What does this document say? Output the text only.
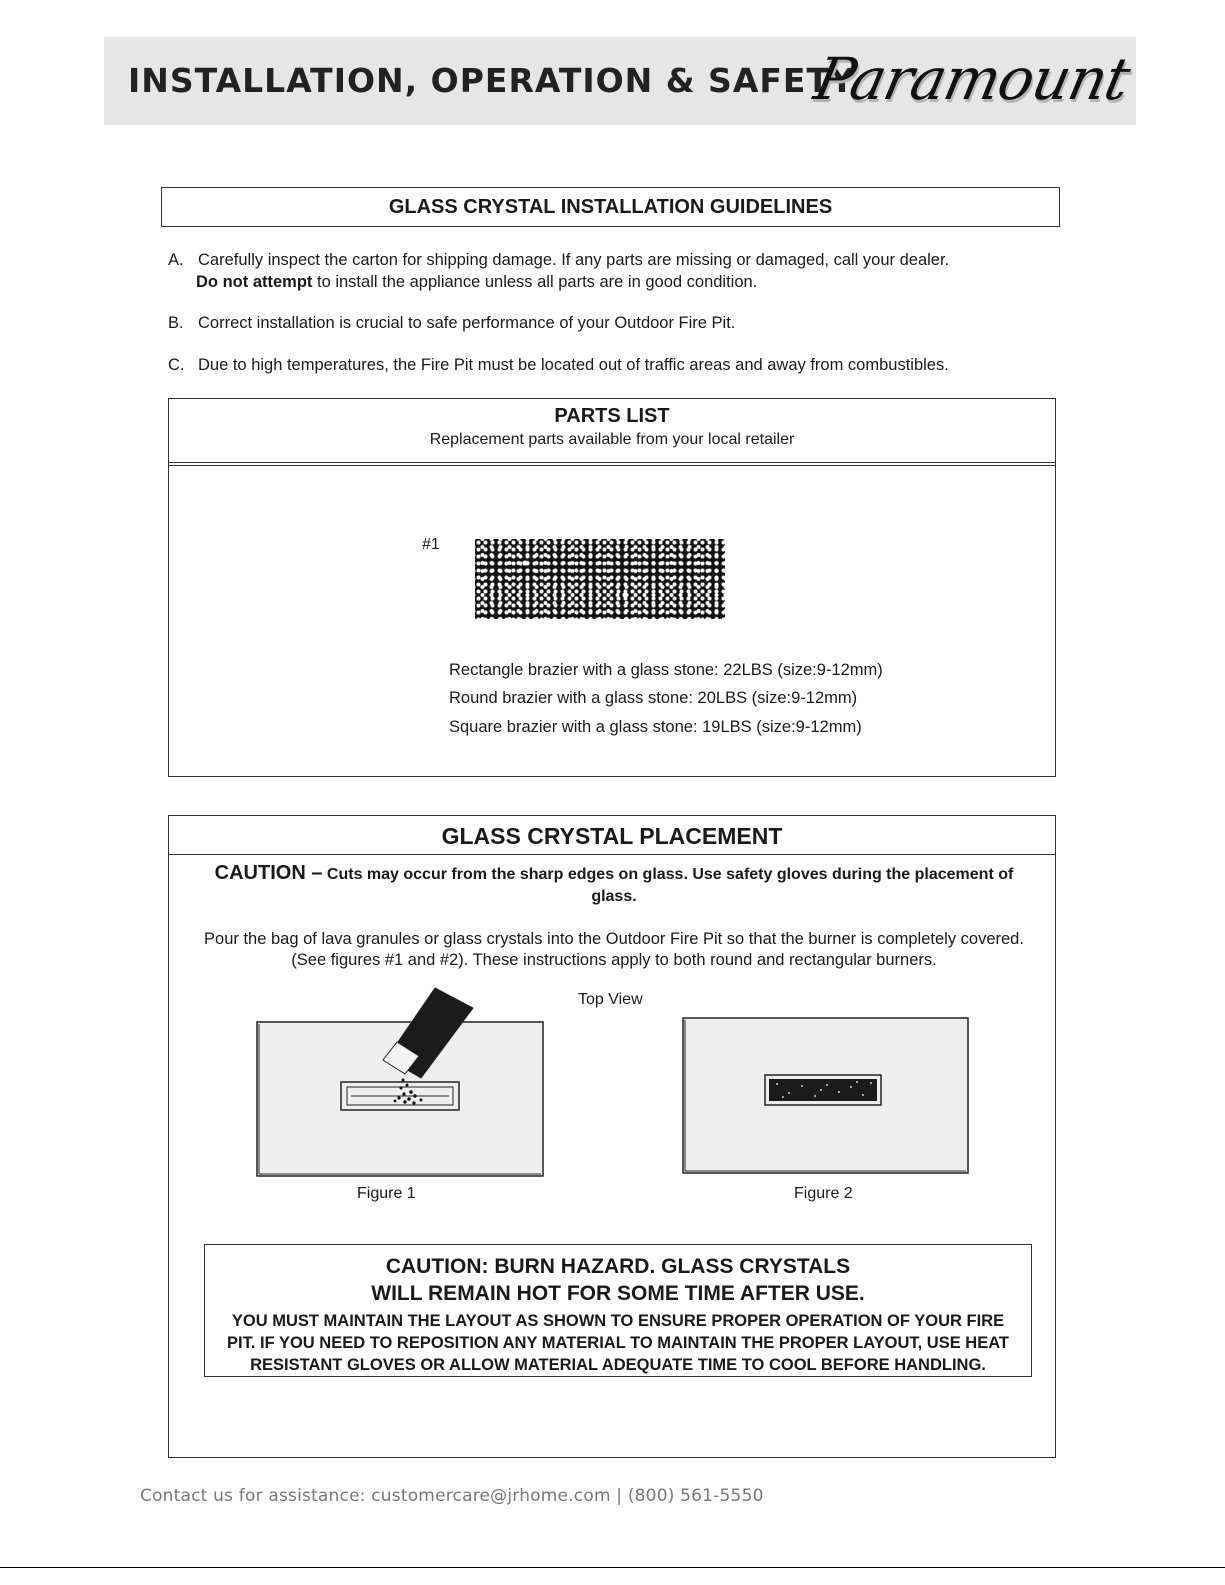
INSTALLATION, OPERATION & SAFETY
Paramount
GLASS CRYSTAL INSTALLATION GUIDELINES
A. Carefully inspect the carton for shipping damage. If any parts are missing or damaged, call your dealer.
Do not attempt to install the appliance unless all parts are in good condition.
B. Correct installation is crucial to safe performance of your Outdoor Fire Pit.
C. Due to high temperatures, the Fire Pit must be located out of traffic areas and away from combustibles.
PARTS LIST
Replacement parts available from your local retailer
#1
Rectangle brazier with a glass stone: 22LBS (size:9-12mm)
Round brazier with a glass stone: 20LBS (size:9-12mm)
Square brazier with a glass stone: 19LBS (size:9-12mm)
GLASS CRYSTAL PLACEMENT
CAUTION – Cuts may occur from the sharp edges on glass. Use safety gloves during the placement of glass.
Pour the bag of lava granules or glass crystals into the Outdoor Fire Pit so that the burner is completely covered.
(See figures #1 and #2). These instructions apply to both round and rectangular burners.
Top View
Figure 1	Figure 2
CAUTION: BURN HAZARD. GLASS CRYSTALS
WILL REMAIN HOT FOR SOME TIME AFTER USE.
YOU MUST MAINTAIN THE LAYOUT AS SHOWN TO ENSURE PROPER OPERATION OF YOUR FIRE PIT. IF YOU NEED TO REPOSITION ANY MATERIAL TO MAINTAIN THE PROPER LAYOUT, USE HEAT RESISTANT GLOVES OR ALLOW MATERIAL ADEQUATE TIME TO COOL BEFORE HANDLING.
Contact us for assistance: customercare@jrhome.com | (800) 561-5550
